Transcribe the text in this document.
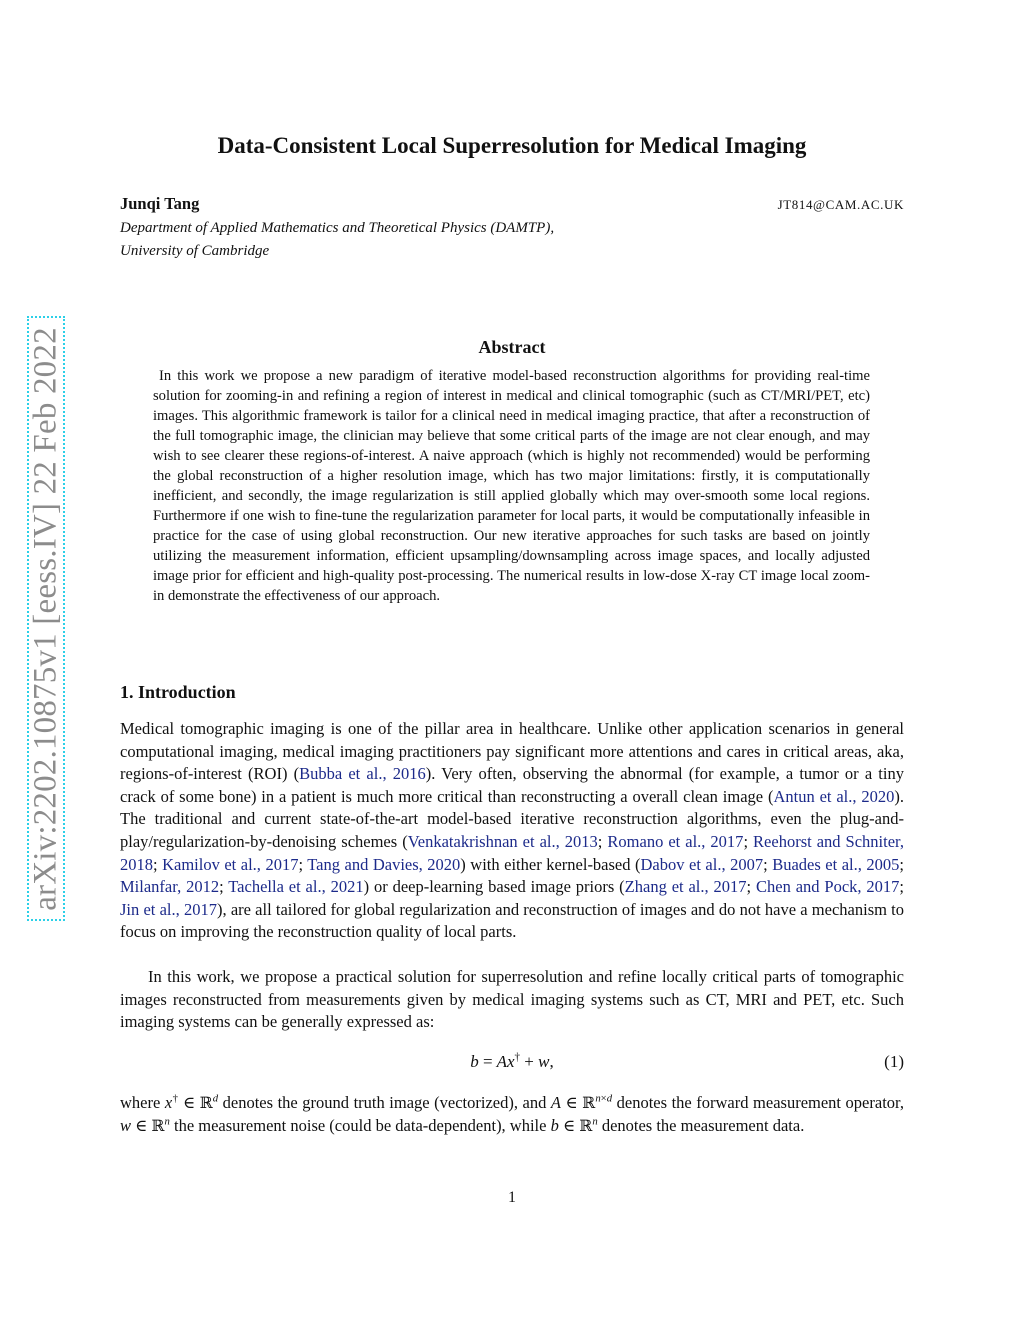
arXiv:2202.10875v1 [eess.IV] 22 Feb 2022
Data-Consistent Local Superresolution for Medical Imaging
Junqi Tang	JT814@CAM.AC.UK
Department of Applied Mathematics and Theoretical Physics (DAMTP),
University of Cambridge
Abstract

In this work we propose a new paradigm of iterative model-based reconstruction algorithms for providing real-time solution for zooming-in and refining a region of interest in medical and clinical tomographic (such as CT/MRI/PET, etc) images. This algorithmic framework is tailor for a clinical need in medical imaging practice, that after a reconstruction of the full tomographic image, the clinician may believe that some critical parts of the image are not clear enough, and may wish to see clearer these regions-of-interest. A naive approach (which is highly not recommended) would be performing the global reconstruction of a higher resolution image, which has two major limitations: firstly, it is computationally inefficient, and secondly, the image regularization is still applied globally which may over-smooth some local regions. Furthermore if one wish to fine-tune the regularization parameter for local parts, it would be computationally infeasible in practice for the case of using global reconstruction. Our new iterative approaches for such tasks are based on jointly utilizing the measurement information, efficient upsampling/downsampling across image spaces, and locally adjusted image prior for efficient and high-quality post-processing. The numerical results in low-dose X-ray CT image local zoom-in demonstrate the effectiveness of our approach.

1. Introduction

Medical tomographic imaging is one of the pillar area in healthcare. Unlike other application scenarios in general computational imaging, medical imaging practitioners pay significant more attentions and cares in critical areas, aka, regions-of-interest (ROI) (Bubba et al., 2016). Very often, observing the abnormal (for example, a tumor or a tiny crack of some bone) in a patient is much more critical than reconstructing a overall clean image (Antun et al., 2020). The traditional and current state-of-the-art model-based iterative reconstruction algorithms, even the plug-and-play/regularization-by-denoising schemes (Venkatakrishnan et al., 2013; Romano et al., 2017; Reehorst and Schniter, 2018; Kamilov et al., 2017; Tang and Davies, 2020) with either kernel-based (Dabov et al., 2007; Buades et al., 2005; Milanfar, 2012; Tachella et al., 2021) or deep-learning based image priors (Zhang et al., 2017; Chen and Pock, 2017; Jin et al., 2017), are all tailored for global regularization and reconstruction of images and do not have a mechanism to focus on improving the reconstruction quality of local parts.

In this work, we propose a practical solution for superresolution and refine locally critical parts of tomographic images reconstructed from measurements given by medical imaging systems such as CT, MRI and PET, etc. Such imaging systems can be generally expressed as:

b = Ax† + w,	(1)

where x† ∈ ℝ$^d$ denotes the ground truth image (vectorized), and A ∈ ℝ$^{n\times d}$ denotes the forward measurement operator, w ∈ ℝ$^n$ the measurement noise (could be data-dependent), while b ∈ ℝ$^n$ denotes the measurement data.

1
